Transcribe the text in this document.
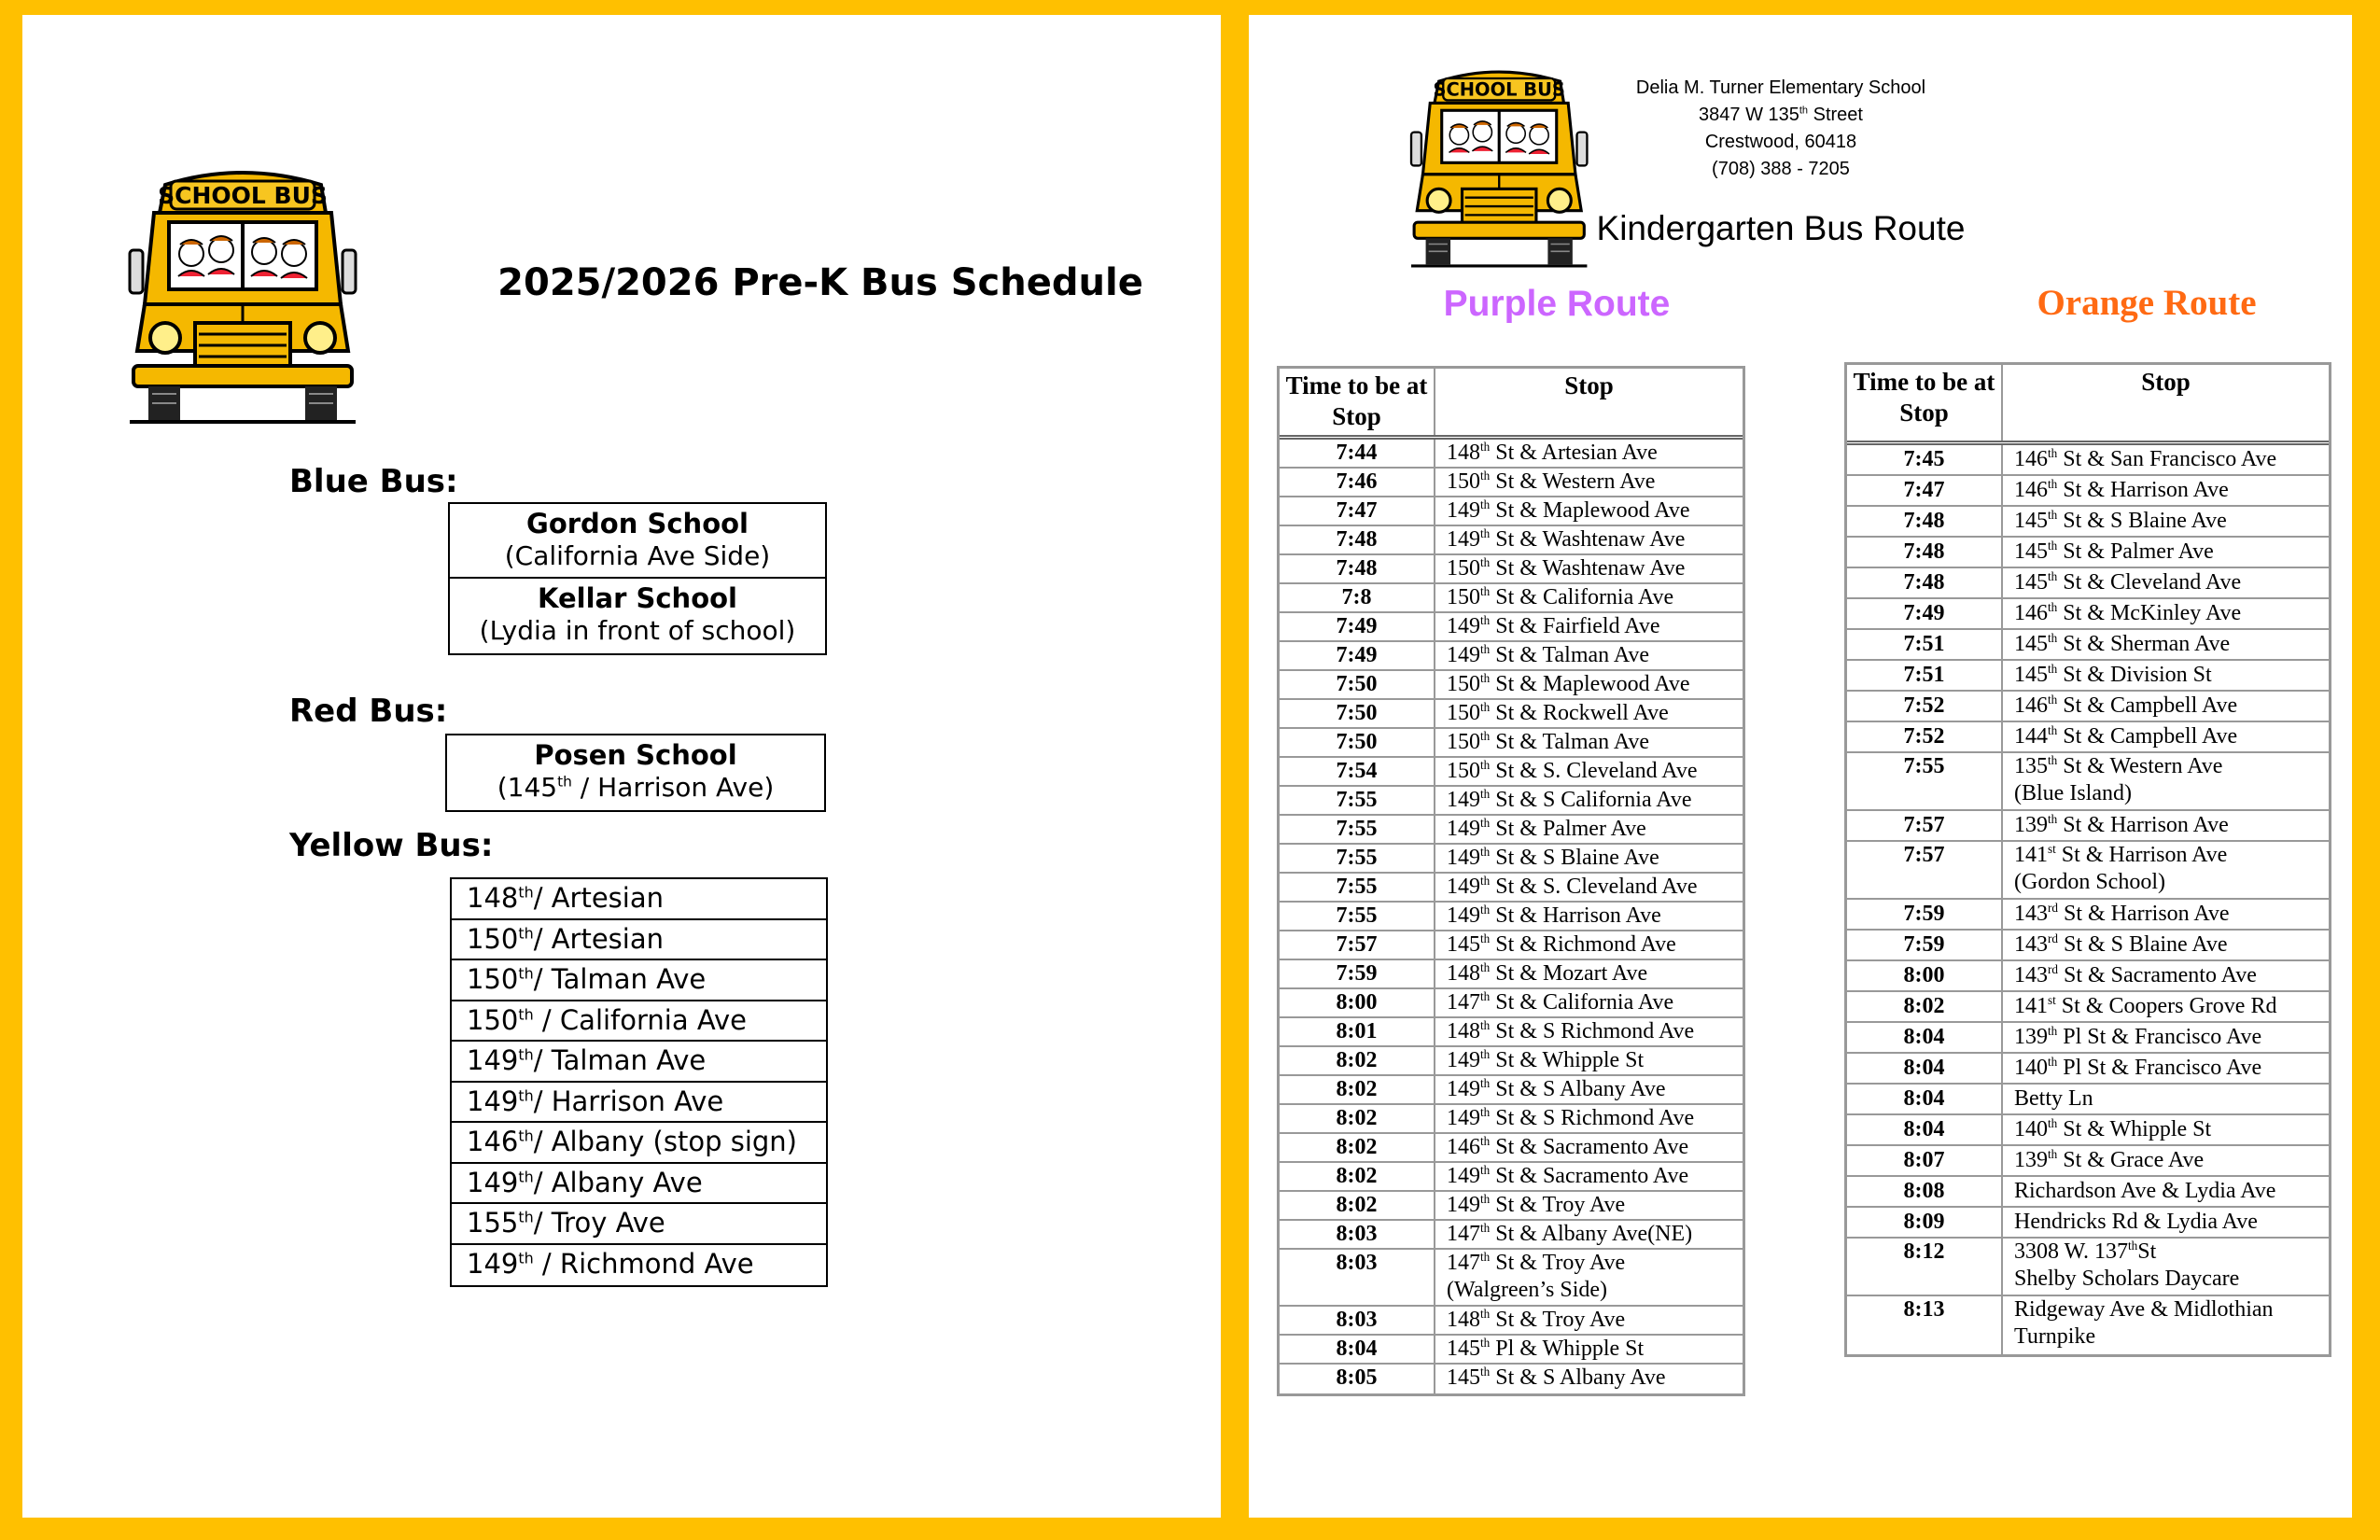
2025/2026 Pre-K Bus Schedule
Blue Bus:
Gordon School
(California Ave Side)
Kellar School
(Lydia in front of school)
Red Bus:
Posen School
(145th / Harrison Ave)
Yellow Bus:
148th/ Artesian
150th/ Artesian
150th/ Talman Ave
150th / California Ave
149th/ Talman Ave
149th/ Harrison Ave
146th/ Albany (stop sign)
149th/ Albany Ave
155th/ Troy Ave
149th / Richmond Ave
Delia M. Turner Elementary School
3847 W 135th Street
Crestwood, 60418
(708) 388 - 7205
Kindergarten Bus Route
Purple Route	Orange Route
Time to be at Stop
Stop
7:44	148th St & Artesian Ave
7:46	150th St & Western Ave
7:47	149th St & Maplewood Ave
7:48	149th St & Washtenaw Ave
7:48	150th St & Washtenaw Ave
7:8	150th St & California Ave
7:49	149th St & Fairfield Ave
7:49	149th St & Talman Ave
7:50	150th St & Maplewood Ave
7:50	150th St & Rockwell Ave
7:50	150th St & Talman Ave
7:54	150th St & S. Cleveland Ave
7:55	149th St & S California Ave
7:55	149th St & Palmer Ave
7:55	149th St & S Blaine Ave
7:55	149th St & S. Cleveland Ave
7:55	149th St & Harrison Ave
7:57	145th St & Richmond Ave
7:59	148th St & Mozart Ave
8:00	147th St & California Ave
8:01	148th St & S Richmond Ave
8:02	149th St & Whipple St
8:02	149th St & S Albany Ave
8:02	149th St & S Richmond Ave
8:02	146th St & Sacramento Ave
8:02	149th St & Sacramento Ave
8:02	149th St & Troy Ave
8:03	147th St & Albany Ave(NE)
8:03	147th St & Troy Ave
(Walgreen’s Side)
8:03	148th St & Troy Ave
8:04	145th Pl & Whipple St
8:05	145th St & S Albany Ave
Time to be at Stop
Stop
7:45	146th St & San Francisco Ave
7:47	146th St & Harrison Ave
7:48	145th St & S Blaine Ave
7:48	145th St & Palmer Ave
7:48	145th St & Cleveland Ave
7:49	146th St & McKinley Ave
7:51	145th St & Sherman Ave
7:51	145th St & Division St
7:52	146th St & Campbell Ave
7:52	144th St & Campbell Ave
7:55	135th St & Western Ave
(Blue Island)
7:57	139th St & Harrison Ave
7:57	141st St & Harrison Ave
(Gordon School)
7:59	143rd St & Harrison Ave
7:59	143rd St & S Blaine Ave
8:00	143rd St & Sacramento Ave
8:02	141st St & Coopers Grove Rd
8:04	139th Pl St & Francisco Ave
8:04	140th Pl St & Francisco Ave
8:04	Betty Ln
8:04	140th St & Whipple St
8:07	139th St & Grace Ave
8:08	Richardson Ave & Lydia Ave
8:09	Hendricks Rd & Lydia Ave
8:12	3308 W. 137thSt
Shelby Scholars Daycare
8:13	Ridgeway Ave & Midlothian
Turnpike
